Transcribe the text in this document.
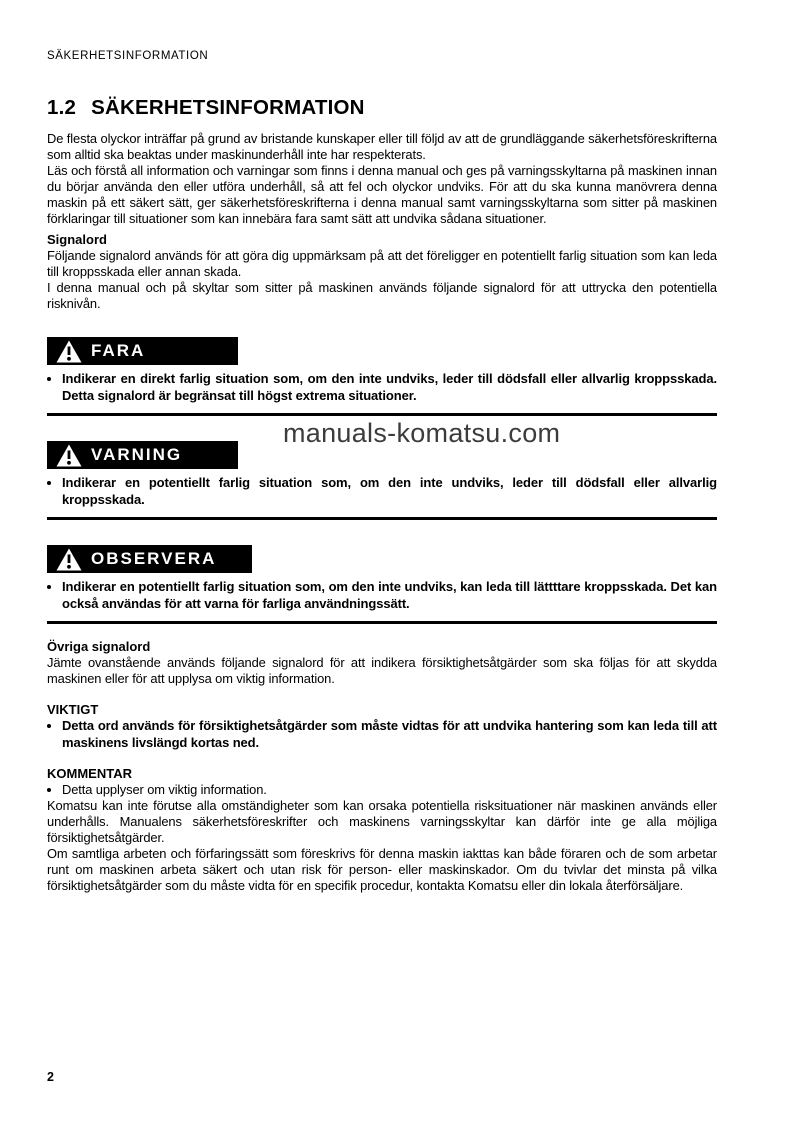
SÄKERHETSINFORMATION
manuals-komatsu.com
1.2 SÄKERHETSINFORMATION

De flesta olyckor inträffar på grund av bristande kunskaper eller till följd av att de grundläggande säkerhetsföreskrifterna som alltid ska beaktas under maskinunderhåll inte har respekterats.

Läs och förstå all information och varningar som finns i denna manual och ges på varningsskyltarna på maskinen innan du börjar använda den eller utföra underhåll, så att fel och olyckor undviks. För att du ska kunna manövrera denna maskin på ett säkert sätt, ger säkerhetsföreskrifterna i denna manual samt varningsskyltarna som sitter på maskinen förklaringar till situationer som kan innebära fara samt sätt att undvika sådana situationer.

Signalord

Följande signalord används för att göra dig uppmärksam på att det föreligger en potentiellt farlig situation som kan leda till kroppsskada eller annan skada.

I denna manual och på skyltar som sitter på maskinen används följande signalord för att uttrycka den potentiella risknivån.

FARA
• Indikerar en direkt farlig situation som, om den inte undviks, leder till dödsfall eller allvarlig kroppsskada. Detta signalord är begränsat till högst extrema situationer.
VARNING
• Indikerar en potentiellt farlig situation som, om den inte undviks, leder till dödsfall eller allvarlig kroppsskada.
OBSERVERA
• Indikerar en potentiellt farlig situation som, om den inte undviks, kan leda till lättttare kroppsskada. Det kan också användas för att varna för farliga användningssätt.
Övriga signalord

Jämte ovanstående används följande signalord för att indikera försiktighetsåtgärder som ska följas för att skydda maskinen eller för att upplysa om viktig information.

VIKTIGT
• Detta ord används för försiktighetsåtgärder som måste vidtas för att undvika hantering som kan leda till att maskinens livslängd kortas ned.
KOMMENTAR
• Detta upplyser om viktig information.

Komatsu kan inte förutse alla omständigheter som kan orsaka potentiella risksituationer när maskinen används eller underhålls. Manualens säkerhetsföreskrifter och maskinens varningsskyltar kan därför inte ge alla möjliga försiktighetsåtgärder.

Om samtliga arbeten och förfaringssätt som föreskrivs för denna maskin iakttas kan både föraren och de som arbetar runt om maskinen arbeta säkert och utan risk för person- eller maskinskador. Om du tvivlar det minsta på vilka försiktighetsåtgärder som du måste vidta för en specifik procedur, kontakta Komatsu eller din lokala återförsäljare.

2
